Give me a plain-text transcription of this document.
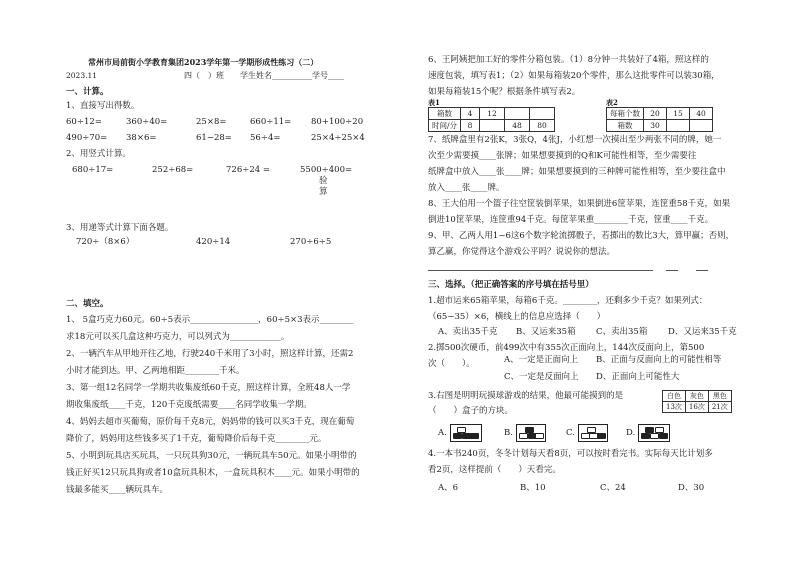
常州市局前街小学教育集团2023学年第一学期形成性练习（二）
2023.11	四（　）班　　学生姓名__________学号____
一、计算。
1、直接写出得数。
60÷12=	360÷40=	25×8=	660÷11= 80+100÷20
490÷70= 38×6=	61−28= 56÷4=	25×4÷25×4
2、用竖式计算。
680÷17=	252÷68=	726÷24 =	5500÷400=
验
算
3、用递等式计算下面各题。
720÷（8×6）	420÷14	270÷6÷5
二、填空。
1、 5盒巧克力60元。60÷5表示________________，60÷5×3表示________
求18元可以买几盒这种巧克力，可以列式为____________。
2、一辆汽车从甲地开往乙地，行驶240千米用了3小时，照这样计算，还需2
小时才能到达。甲、乙两地相距________千米。
3、第一组12名同学一学期共收集废纸60千克，照这样计算，全班48人一学
期收集废纸____千克，120千克废纸需要____名同学收集一学期。
4、妈妈去超市买葡萄，原价每千克8元，妈妈带的钱可以买3千克，现在葡萄
降价了，妈妈用这些钱多买了1千克，葡萄降价后每千克________元。
5、小明到玩具店买玩具，一只玩具狗30元，一辆玩具车50元。如果小明带的
钱正好买12只玩具狗或者10盒玩具积木，一盒玩具积木____元。如果小明带的
钱最多能买____辆玩具车。
6、王阿姨把加工好的零件分箱包装。（1）8分钟一共装好了4箱，照这样的
速度包装，填写表1；（2）如果每箱装20个零件，那么这批零件可以装30箱，
如果每箱装15个呢？根据条件填写表2。
表1
箱数	4	12		
时间/分	8		48	80
表2
每箱个数	20	15	40
箱数	30		
7、纸牌盒里有2张K，3张Q，4张J，小红想一次摸出至少两张不同的牌，她一
次至少需要摸____张牌；如果想要摸到的Q和K可能性相等，至少需要往
纸牌盒中放入____张____牌；如果想要摸到的三种牌可能性相等，至少要往盒中
放入____张____牌。
8、王大伯用一个篮子往空筐装倒苹果，如果倒进6筐苹果，连筐重58千克，如果
倒进10筐苹果，连筐重94千克。每筐苹果重________千克，筐重____千克。
9、甲、乙两人用1~6这6个数字轮流掷骰子，若掷出的数比3大，算甲赢；否则，
算乙赢，你觉得这个游戏公平吗？说说你的想法。
三、选择。（把正确答案的序号填在括号里）
1.超市运来65箱苹果，每箱6千克。________，还剩多少千克？如果列式：
（65−35）×6，横线上的信息应选择（　　）
A、卖出35千克 B、又运来35箱 C、卖出35箱 D、又运来35千克
2.掷500次硬币，前499次中有355次正面向上，144次反面向上，第500
次（　　）。	A、一定是正面向上 B、正面与反面向上的可能性相等
C、一定是反面向上 D、正面向上可能性大
3.右图是明明玩摸球游戏的结果，他最可能摸到的是
（　　）盒子的方块。
白色	灰色	黑色
13次	16次	21次
A.	B.	C.	D.
4.一本书240页，冬冬计划每天看8页，可以按时看完书。实际每天比计划多
看2页，这样提前（　　）天看完。
A、6	B、10	C、24	D、30
